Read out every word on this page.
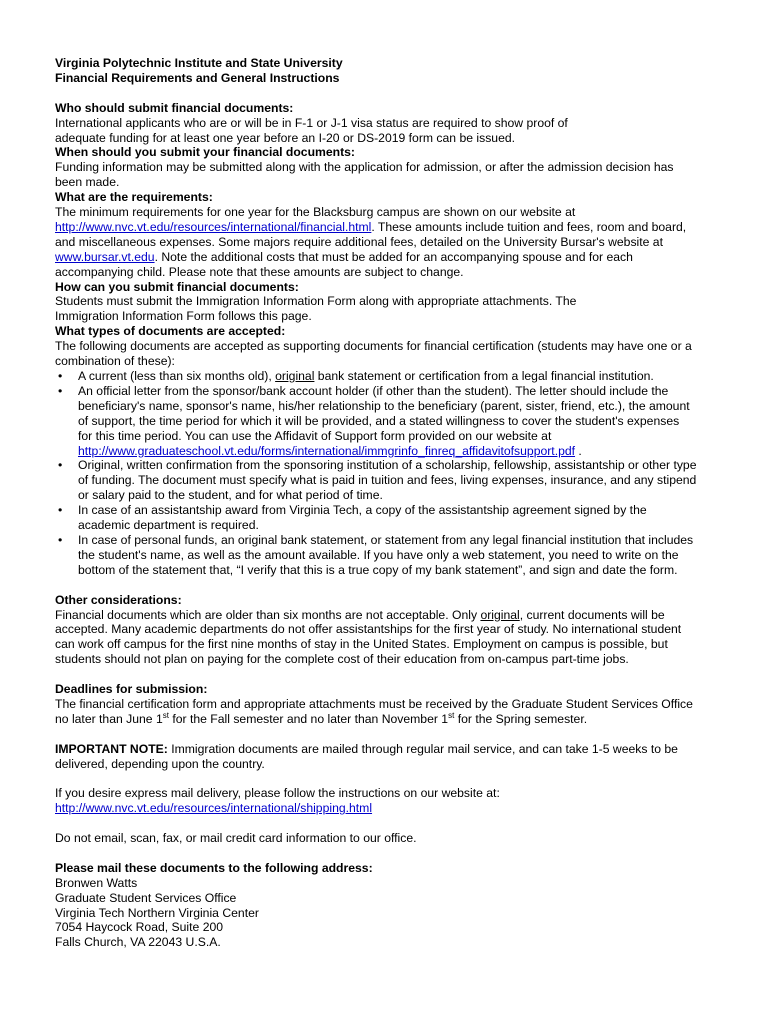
Virginia Polytechnic Institute and State University
Financial Requirements and General Instructions
Who should submit financial documents:
International applicants who are or will be in F-1 or J-1 visa status are required to show proof of
adequate funding for at least one year before an I-20 or DS-2019 form can be issued.
When should you submit your financial documents:
Funding information may be submitted along with the application for admission, or after the admission decision has
been made.
What are the requirements:
The minimum requirements for one year for the Blacksburg campus are shown on our website at
http://www.nvc.vt.edu/resources/international/financial.html. These amounts include tuition and fees, room and board,
and miscellaneous expenses. Some majors require additional fees, detailed on the University Bursar's website at
www.bursar.vt.edu. Note the additional costs that must be added for an accompanying spouse and for each
accompanying child. Please note that these amounts are subject to change.
How can you submit financial documents:
Students must submit the Immigration Information Form along with appropriate attachments. The
Immigration Information Form follows this page.
What types of documents are accepted:
The following documents are accepted as supporting documents for financial certification (students may have one or a
combination of these):
• A current (less than six months old), original bank statement or certification from a legal financial institution.
• An official letter from the sponsor/bank account holder (if other than the student). The letter should include the
beneficiary's name, sponsor's name, his/her relationship to the beneficiary (parent, sister, friend, etc.), the amount
of support, the time period for which it will be provided, and a stated willingness to cover the student's expenses
for this time period. You can use the Affidavit of Support form provided on our website at
http://www.graduateschool.vt.edu/forms/international/immgrinfo_finreq_affidavitofsupport.pdf .
• Original, written confirmation from the sponsoring institution of a scholarship, fellowship, assistantship or other type
of funding. The document must specify what is paid in tuition and fees, living expenses, insurance, and any stipend
or salary paid to the student, and for what period of time.
• In case of an assistantship award from Virginia Tech, a copy of the assistantship agreement signed by the
academic department is required.
• In case of personal funds, an original bank statement, or statement from any legal financial institution that includes
the student's name, as well as the amount available. If you have only a web statement, you need to write on the
bottom of the statement that, “I verify that this is a true copy of my bank statement”, and sign and date the form.
Other considerations:
Financial documents which are older than six months are not acceptable. Only original, current documents will be
accepted. Many academic departments do not offer assistantships for the first year of study. No international student
can work off campus for the first nine months of stay in the United States. Employment on campus is possible, but
students should not plan on paying for the complete cost of their education from on-campus part-time jobs.
Deadlines for submission:
The financial certification form and appropriate attachments must be received by the Graduate Student Services Office
no later than June 1st for the Fall semester and no later than November 1st for the Spring semester.
IMPORTANT NOTE: Immigration documents are mailed through regular mail service, and can take 1-5 weeks to be
delivered, depending upon the country.
If you desire express mail delivery, please follow the instructions on our website at:
http://www.nvc.vt.edu/resources/international/shipping.html
Do not email, scan, fax, or mail credit card information to our office.
Please mail these documents to the following address:
Bronwen Watts
Graduate Student Services Office
Virginia Tech Northern Virginia Center
7054 Haycock Road, Suite 200
Falls Church, VA 22043 U.S.A.
